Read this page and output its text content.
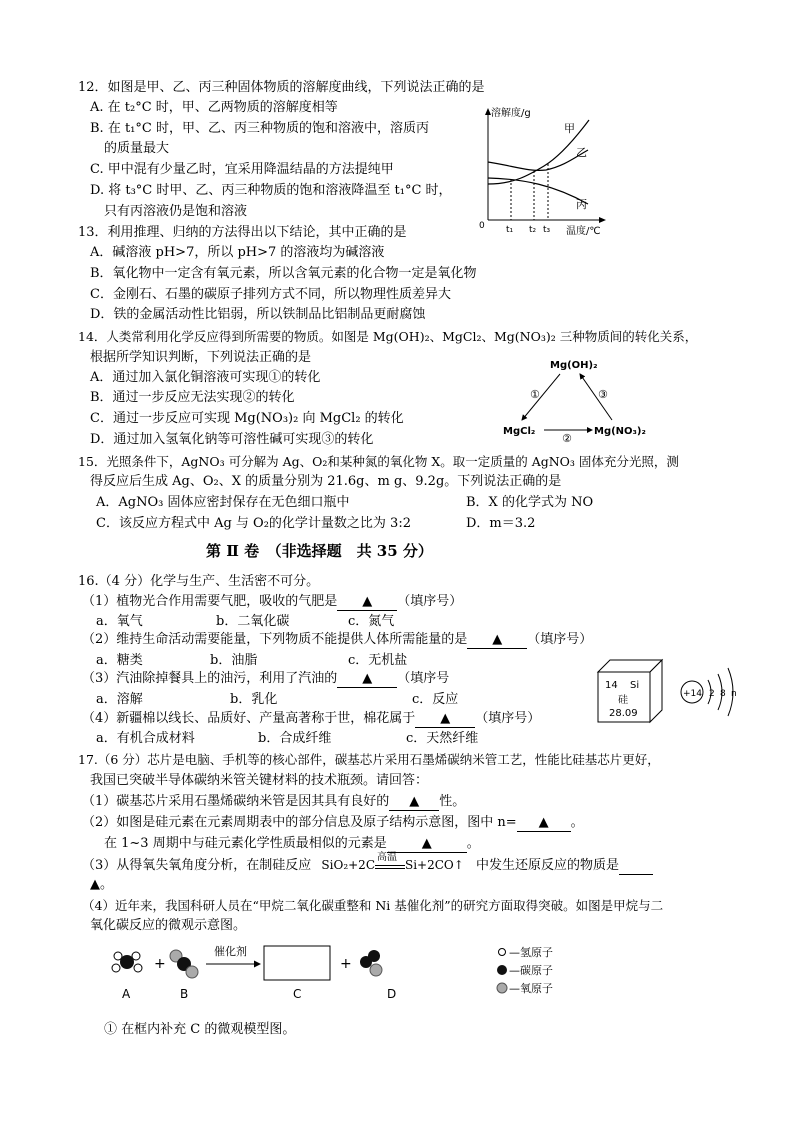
12．如图是甲、乙、丙三种固体物质的溶解度曲线，下列说法正确的是
A. 在 t₂°C 时，甲、乙两物质的溶解度相等
B. 在 t₁°C 时，甲、乙、丙三种物质的饱和溶液中，溶质丙
的质量最大
C. 甲中混有少量乙时，宜采用降温结晶的方法提纯甲
D. 将 t₃°C 时甲、乙、丙三种物质的饱和溶液降温至 t₁°C 时，
只有丙溶液仍是饱和溶液
溶解度/g
0
甲
乙
丙
t₁ t₂ t₃ 温度/℃
13．利用推理、归纳的方法得出以下结论，其中正确的是
A．碱溶液 pH>7，所以 pH>7 的溶液均为碱溶液
B．氧化物中一定含有氧元素，所以含氧元素的化合物一定是氧化物
C．金刚石、石墨的碳原子排列方式不同，所以物理性质差异大
D．铁的金属活动性比铝弱，所以铁制品比铝制品更耐腐蚀
14．人类常利用化学反应得到所需要的物质。如图是 Mg(OH)₂、MgCl₂、Mg(NO₃)₂ 三种物质间的转化关系，
根据所学知识判断，下列说法正确的是
A．通过加入氯化铜溶液可实现①的转化
B．通过一步反应无法实现②的转化
C．通过一步反应可实现 Mg(NO₃)₂ 向 MgCl₂ 的转化
D．通过加入氢氧化钠等可溶性碱可实现③的转化
Mg(OH)₂
MgCl₂	Mg(NO₃)₂
①	③
②
15．光照条件下，AgNO₃ 可分解为 Ag、O₂和某种氮的氧化物 X。取一定质量的 AgNO₃ 固体充分光照，测
得反应后生成 Ag、O₂、X 的质量分别为 21.6g、m g、9.2g。下列说法正确的是
A．AgNO₃ 固体应密封保存在无色细口瓶中	B．X 的化学式为 NO
C．该反应方程式中 Ag 与 O₂的化学计量数之比为 3:2	D．m＝3.2
第 Ⅱ 卷　（非选择题　共 35 分）
16.（4 分）化学与生产、生活密不可分。
（1）植物光合作用需要气肥，吸收的气肥是 ▲ （填序号）
a．氧气	b．二氧化碳	c．氮气
（2）维持生命活动需要能量，下列物质不能提供人体所需能量的是 ▲ （填序号）
a．糖类	b．油脂	c．无机盐
（3）汽油除掉餐具上的油污，利用了汽油的 ▲ （填序号
a．溶解	b．乳化	c．反应
（4）新疆棉以线长、品质好、产量高著称于世，棉花属于 ▲ （填序号）
a．有机合成材料	b．合成纤维	c．天然纤维
14 Si
硅
28.09
+14 2 8 n
17.（6 分）芯片是电脑、手机等的核心部件，碳基芯片采用石墨烯碳纳米管工艺，性能比硅基芯片更好，
我国已突破半导体碳纳米管关键材料的技术瓶颈。请回答：
（1）碳基芯片采用石墨烯碳纳米管是因其具有良好的 ▲ 性。
（2）如图是硅元素在元素周期表中的部分信息及原子结构示意图，图中 n= ▲ 。
在 1~3 周期中与硅元素化学性质最相似的元素是	▲	。
（3）从得氧失氧角度分析，在制硅反应 SiO₂+2C
高温
Si+2CO↑ 中发生还原反应的物质是
▲。
（4）近年来，我国科研人员在“甲烷二氧化碳重整和 Ni 基催化剂”的研究方面取得突破。如图是甲烷与二
氧化碳反应的微观示意图。
+
催化剂
+
A	B	C	D
—氢原子
—碳原子
—氧原子
① 在框内补充 C 的微观模型图。
